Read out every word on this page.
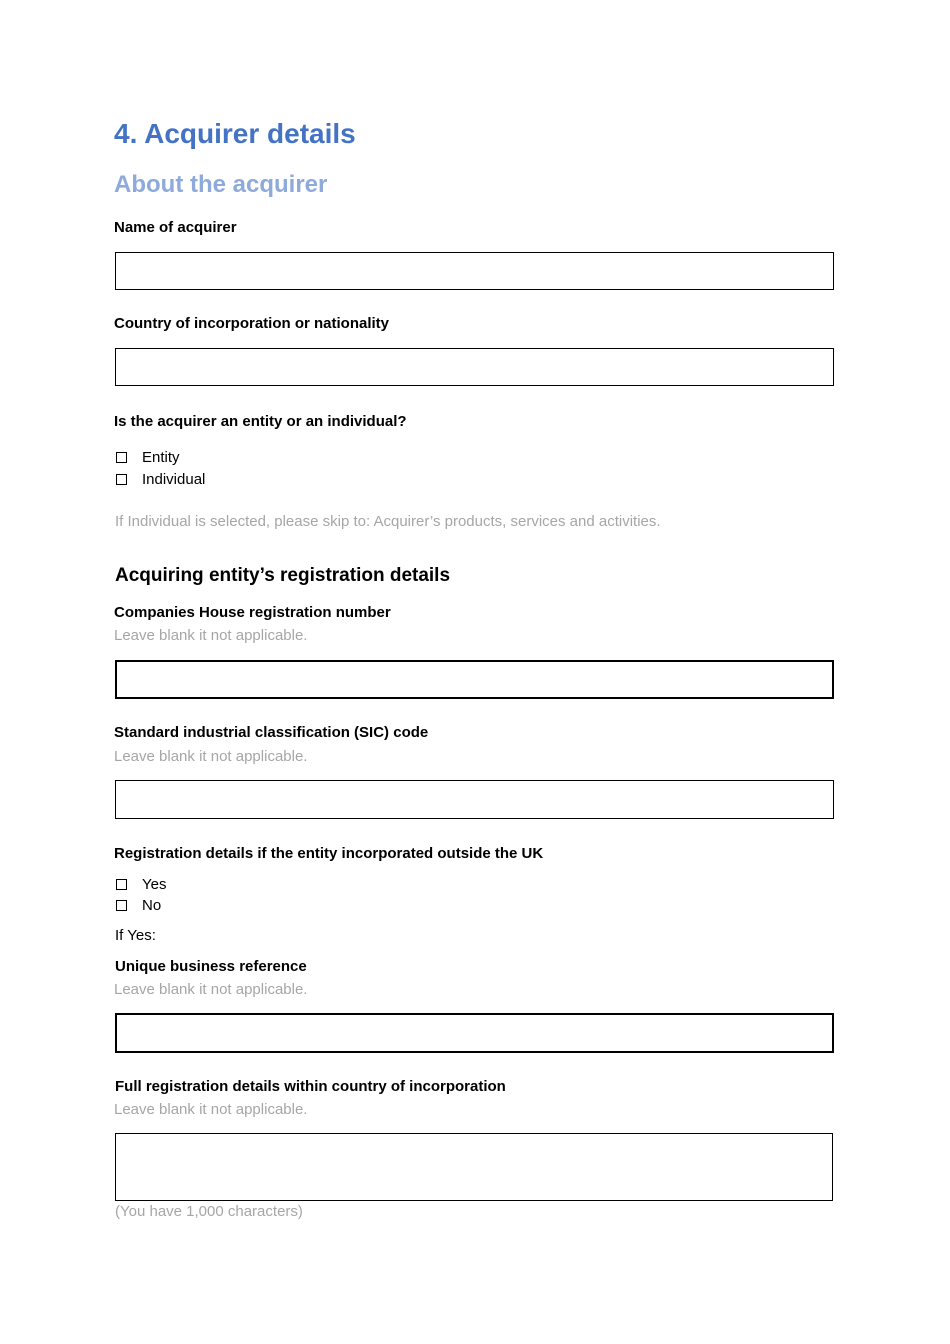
4. Acquirer details
About the acquirer
Name of acquirer
Country of incorporation or nationality
Is the acquirer an entity or an individual?
Entity
Individual
If Individual is selected, please skip to: Acquirer’s products, services and activities.
Acquiring entity’s registration details
Companies House registration number
Leave blank it not applicable.
Standard industrial classification (SIC) code
Leave blank it not applicable.
Registration details if the entity incorporated outside the UK
Yes
No
If Yes:
Unique business reference
Leave blank it not applicable.
Full registration details within country of incorporation
Leave blank it not applicable.
(You have 1,000 characters)
